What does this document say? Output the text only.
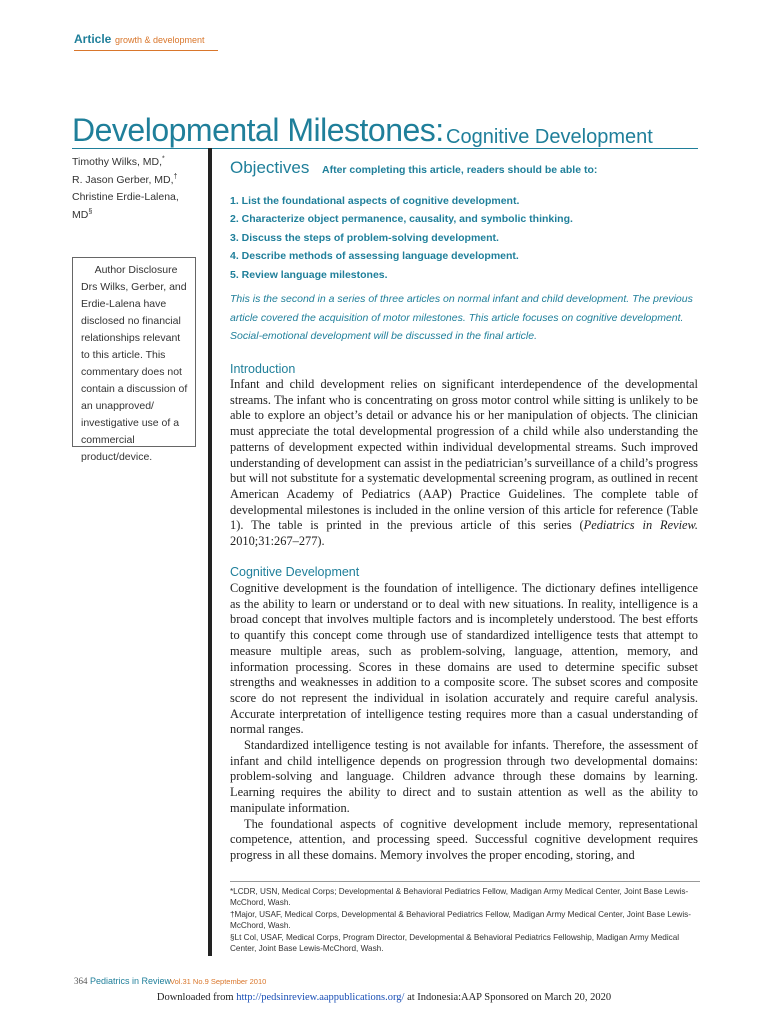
Article growth & development
Developmental Milestones: Cognitive Development
Timothy Wilks, MD,*
R. Jason Gerber, MD,†
Christine Erdie-Lalena,
MD§
Author Disclosure
Drs Wilks, Gerber, and Erdie-Lalena have disclosed no financial relationships relevant to this article. This commentary does not contain a discussion of an unapproved/ investigative use of a commercial product/device.
Objectives After completing this article, readers should be able to:
1. List the foundational aspects of cognitive development.
2. Characterize object permanence, causality, and symbolic thinking.
3. Discuss the steps of problem-solving development.
4. Describe methods of assessing language development.
5. Review language milestones.
This is the second in a series of three articles on normal infant and child development. The previous article covered the acquisition of motor milestones. This article focuses on cognitive development. Social-emotional development will be discussed in the final article.
Introduction

Infant and child development relies on significant interdependence of the developmental streams. The infant who is concentrating on gross motor control while sitting is unlikely to be able to explore an object’s detail or advance his or her manipulation of objects. The clinician must appreciate the total developmental progression of a child while also understanding the patterns of development expected within individual developmental streams. Such improved understanding of development can assist in the pediatrician’s surveillance of a child’s progress but will not substitute for a systematic developmental screening program, as outlined in recent American Academy of Pediatrics (AAP) Practice Guidelines. The complete table of developmental milestones is included in the online version of this article for reference (Table 1). The table is printed in the previous article of this series (Pediatrics in Review. 2010;31:267–277).

Cognitive Development

Cognitive development is the foundation of intelligence. The dictionary defines intelligence as the ability to learn or understand or to deal with new situations. In reality, intelligence is a broad concept that involves multiple factors and is incompletely understood. The best efforts to quantify this concept come through use of standardized intelligence tests that attempt to measure multiple areas, such as problem-solving, language, attention, memory, and information processing. Scores in these domains are used to determine specific subset strengths and weaknesses in addition to a composite score. The subset scores and composite score do not represent the individual in isolation accurately and require careful analysis. Accurate interpretation of intelligence testing requires more than a casual understanding of normal ranges.

Standardized intelligence testing is not available for infants. Therefore, the assessment of infant and child intelligence depends on progression through two developmental domains: problem-solving and language. Children advance through these domains by learning. Learning requires the ability to direct and to sustain attention as well as the ability to manipulate information.

The foundational aspects of cognitive development include memory, representational competence, attention, and processing speed. Successful cognitive development requires progress in all these domains. Memory involves the proper encoding, storing, and

*LCDR, USN, Medical Corps; Developmental & Behavioral Pediatrics Fellow, Madigan Army Medical Center, Joint Base Lewis-McChord, Wash.

†Major, USAF, Medical Corps, Developmental & Behavioral Pediatrics Fellow, Madigan Army Medical Center, Joint Base Lewis-McChord, Wash.

§Lt Col, USAF, Medical Corps, Program Director, Developmental & Behavioral Pediatrics Fellowship, Madigan Army Medical Center, Joint Base Lewis-McChord, Wash.

364 Pediatrics in Review
Vol.31 No.9 September 2010
Downloaded from http://pedsinreview.aappublications.org/ at Indonesia:AAP Sponsored on March 20, 2020
